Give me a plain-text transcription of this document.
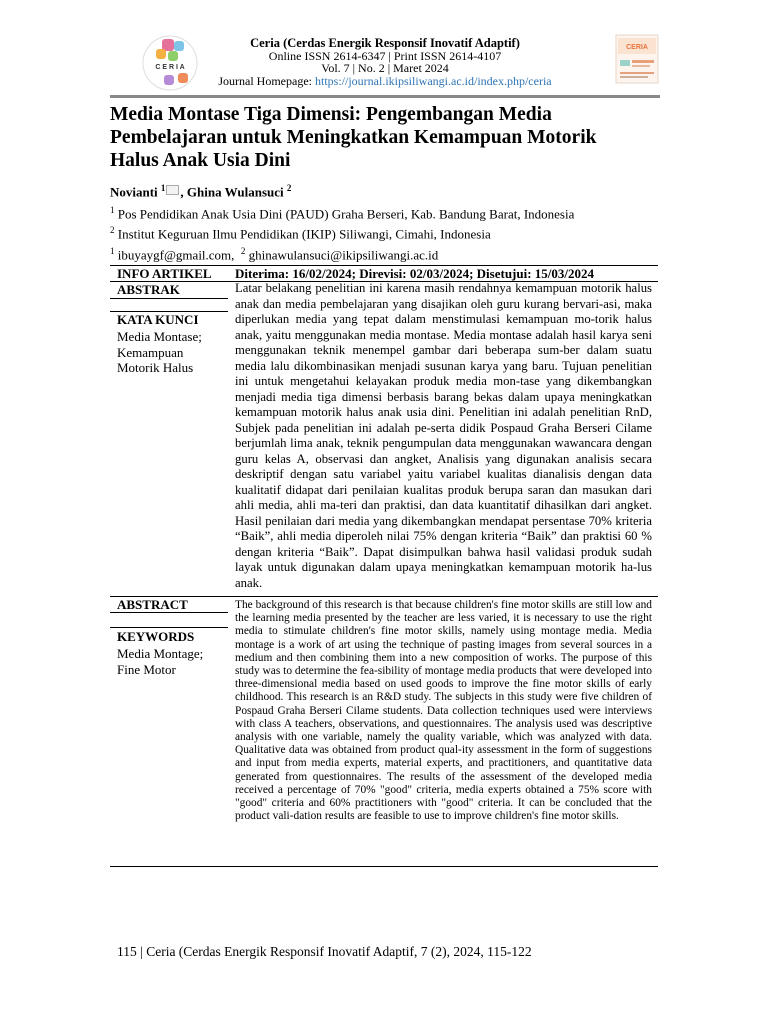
C E R I A
Ceria (Cerdas Energik Responsif Inovatif Adaptif)
Online ISSN 2614-6347 | Print ISSN 2614-4107
Vol. 7 | No. 2 | Maret 2024
Journal Homepage: https://journal.ikipsiliwangi.ac.id/index.php/ceria
CERIA
Media Montase Tiga Dimensi: Pengembangan Media Pembelajaran untuk Meningkatkan Kemampuan Motorik Halus Anak Usia Dini
Novianti $^1$ , Ghina Wulansuci $^2$
$^1$ Pos Pendidikan Anak Usia Dini (PAUD) Graha Berseri, Kab. Bandung Barat, Indonesia
$^2$ Institut Keguruan Ilmu Pendidikan (IKIP) Siliwangi, Cimahi, Indonesia
$^1$ ibuyaygf@gmail.com, $^2$ ghinawulansuci@ikipsiliwangi.ac.id
INFO ARTIKEL Diterima: 16/02/2024; Direvisi: 02/03/2024; Disetujui: 15/03/2024
ABSTRAK
KATA KUNCI
Media Montase;
Kemampuan
Motorik Halus
Latar belakang penelitian ini karena masih rendahnya kemampuan motorik halus anak dan media pembelajaran yang disajikan oleh guru kurang bervari-asi, maka diperlukan media yang tepat dalam menstimulasi kemampuan mo-torik halus anak, yaitu menggunakan media montase. Media montase adalah hasil karya seni menggunakan teknik menempel gambar dari beberapa sum-ber dalam suatu media lalu dikombinasikan menjadi susunan karya yang baru. Tujuan penelitian ini untuk mengetahui kelayakan produk media mon-tase yang dikembangkan menjadi media tiga dimensi berbasis barang bekas dalam upaya meningkatkan kemampuan motorik halus anak usia dini. Penelitian ini adalah penelitian RnD, Subjek pada penelitian ini adalah pe-serta didik Pospaud Graha Berseri Cilame berjumlah lima anak, teknik pengumpulan data menggunakan wawancara dengan guru kelas A, observasi dan angket, Analisis yang digunakan analisis secara deskriptif dengan satu variabel yaitu variabel kualitas dianalisis dengan data kualitatif didapat dari penilaian kualitas produk berupa saran dan masukan dari ahli media, ahli ma-teri dan praktisi, dan data kuantitatif dihasilkan dari angket. Hasil penilaian dari media yang dikembangkan mendapat persentase 70% kriteria “Baik”, ahli media diperoleh nilai 75% dengan kriteria “Baik” dan praktisi 60 % dengan kriteria “Baik”. Dapat disimpulkan bahwa hasil validasi produk sudah layak untuk digunakan dalam upaya meningkatkan kemampuan motorik ha-lus anak.
ABSTRACT
KEYWORDS
Media Montage;
Fine Motor
The background of this research is that because children's fine motor skills are still low and the learning media presented by the teacher are less varied, it is necessary to use the right media to stimulate children's fine motor skills, namely using montage media. Media montage is a work of art using the technique of pasting images from several sources in a medium and then combining them into a new composition of works. The purpose of this study was to determine the fea-sibility of montage media products that were developed into three-dimensional media based on used goods to improve the fine motor skills of early childhood. This research is an R&D study. The subjects in this study were five children of Pospaud Graha Berseri Cilame students. Data collection techniques used were interviews with class A teachers, observations, and questionnaires. The analysis used was descriptive analysis with one variable, namely the quality variable, which was analyzed with data. Qualitative data was obtained from product qual-ity assessment in the form of suggestions and input from media experts, material experts, and practitioners, and quantitative data generated from questionnaires. The results of the assessment of the developed media received a percentage of 70% "good" criteria, media experts obtained a 75% score with "good" criteria and 60% practitioners with "good" criteria. It can be concluded that the product vali-dation results are feasible to use to improve children's fine motor skills.
115 | Ceria (Cerdas Energik Responsif Inovatif Adaptif, 7 (2), 2024, 115-122
